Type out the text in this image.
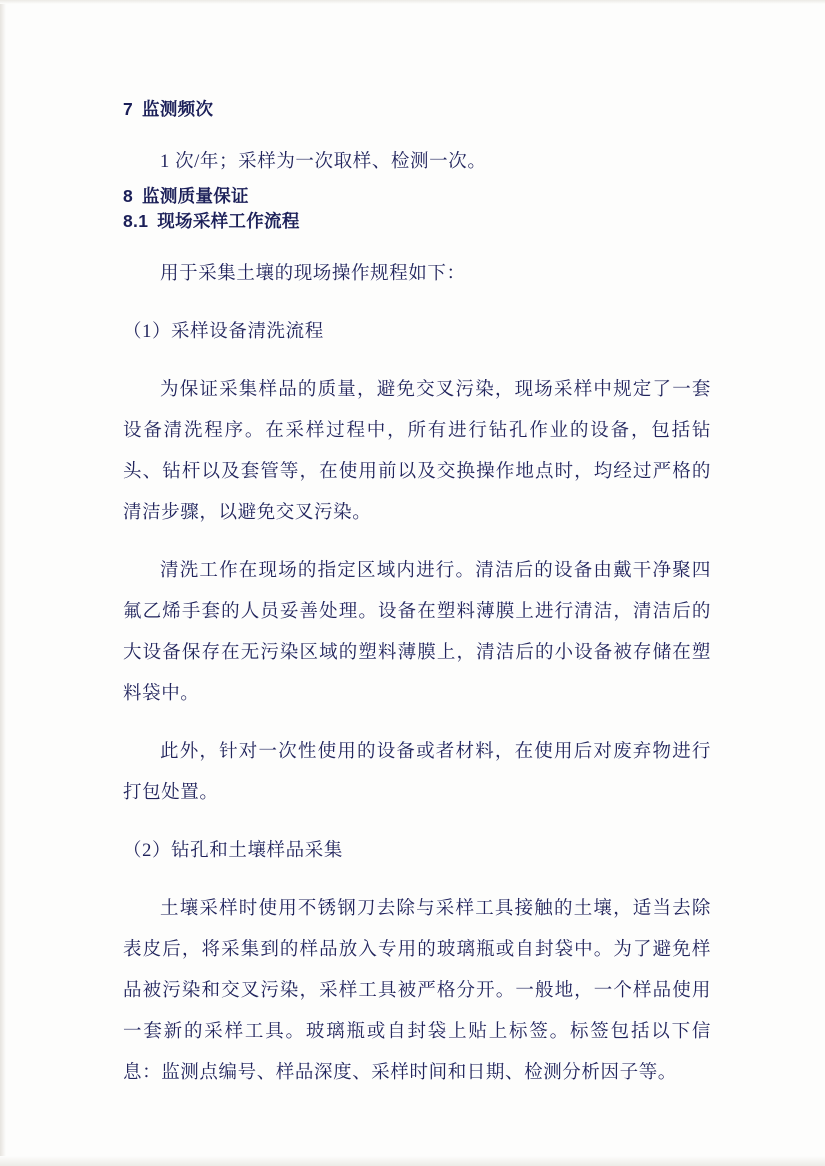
7 监测频次

1 次/年；采样为一次取样、检测一次。

8 监测质量保证
8.1 现场采样工作流程

用于采集土壤的现场操作规程如下：

（1）采样设备清洗流程

为保证采集样品的质量，避免交叉污染，现场采样中规定了一套设备清洗程序。在采样过程中，所有进行钻孔作业的设备，包括钻头、钻杆以及套管等，在使用前以及交换操作地点时，均经过严格的清洁步骤，以避免交叉污染。

清洗工作在现场的指定区域内进行。清洁后的设备由戴干净聚四氟乙烯手套的人员妥善处理。设备在塑料薄膜上进行清洁，清洁后的大设备保存在无污染区域的塑料薄膜上，清洁后的小设备被存储在塑料袋中。

此外，针对一次性使用的设备或者材料，在使用后对废弃物进行打包处置。

（2）钻孔和土壤样品采集

土壤采样时使用不锈钢刀去除与采样工具接触的土壤，适当去除表皮后，将采集到的样品放入专用的玻璃瓶或自封袋中。为了避免样品被污染和交叉污染，采样工具被严格分开。一般地，一个样品使用一套新的采样工具。玻璃瓶或自封袋上贴上标签。标签包括以下信息：监测点编号、样品深度、采样时间和日期、检测分析因子等。
